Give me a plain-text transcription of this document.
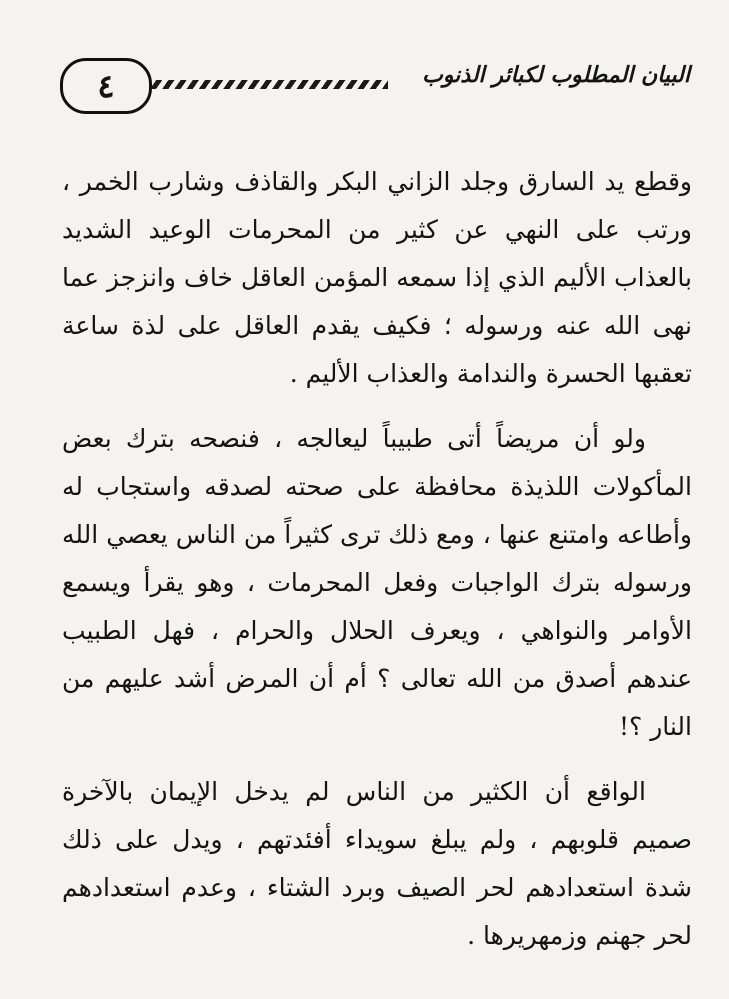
٤	البيان المطلوب لكبائر الذنوب

وقطع يد السارق وجلد الزاني البكر والقاذف وشارب الخمر ، ورتب على النهي عن كثير من المحرمات الوعيد الشديد بالعذاب الأليم الذي إذا سمعه المؤمن العاقل خاف وانزجز عما نهى الله عنه ورسوله ؛ فكيف يقدم العاقل على لذة ساعة تعقبها الحسرة والندامة والعذاب الأليم .

ولو أن مريضاً أتى طبيباً ليعالجه ، فنصحه بترك بعض المأكولات اللذيذة محافظة على صحته لصدقه واستجاب له وأطاعه وامتنع عنها ، ومع ذلك ترى كثيراً من الناس يعصي الله ورسوله بترك الواجبات وفعل المحرمات ، وهو يقرأ ويسمع الأوامر والنواهي ، ويعرف الحلال والحرام ، فهل الطبيب عندهم أصدق من الله تعالى ؟ أم أن المرض أشد عليهم من النار ؟!

الواقع أن الكثير من الناس لم يدخل الإيمان بالآخرة صميم قلوبهم ، ولم يبلغ سويداء أفئدتهم ، ويدل على ذلك شدة استعدادهم لحر الصيف وبرد الشتاء ، وعدم استعدادهم لحر جهنم وزمهريرها .
